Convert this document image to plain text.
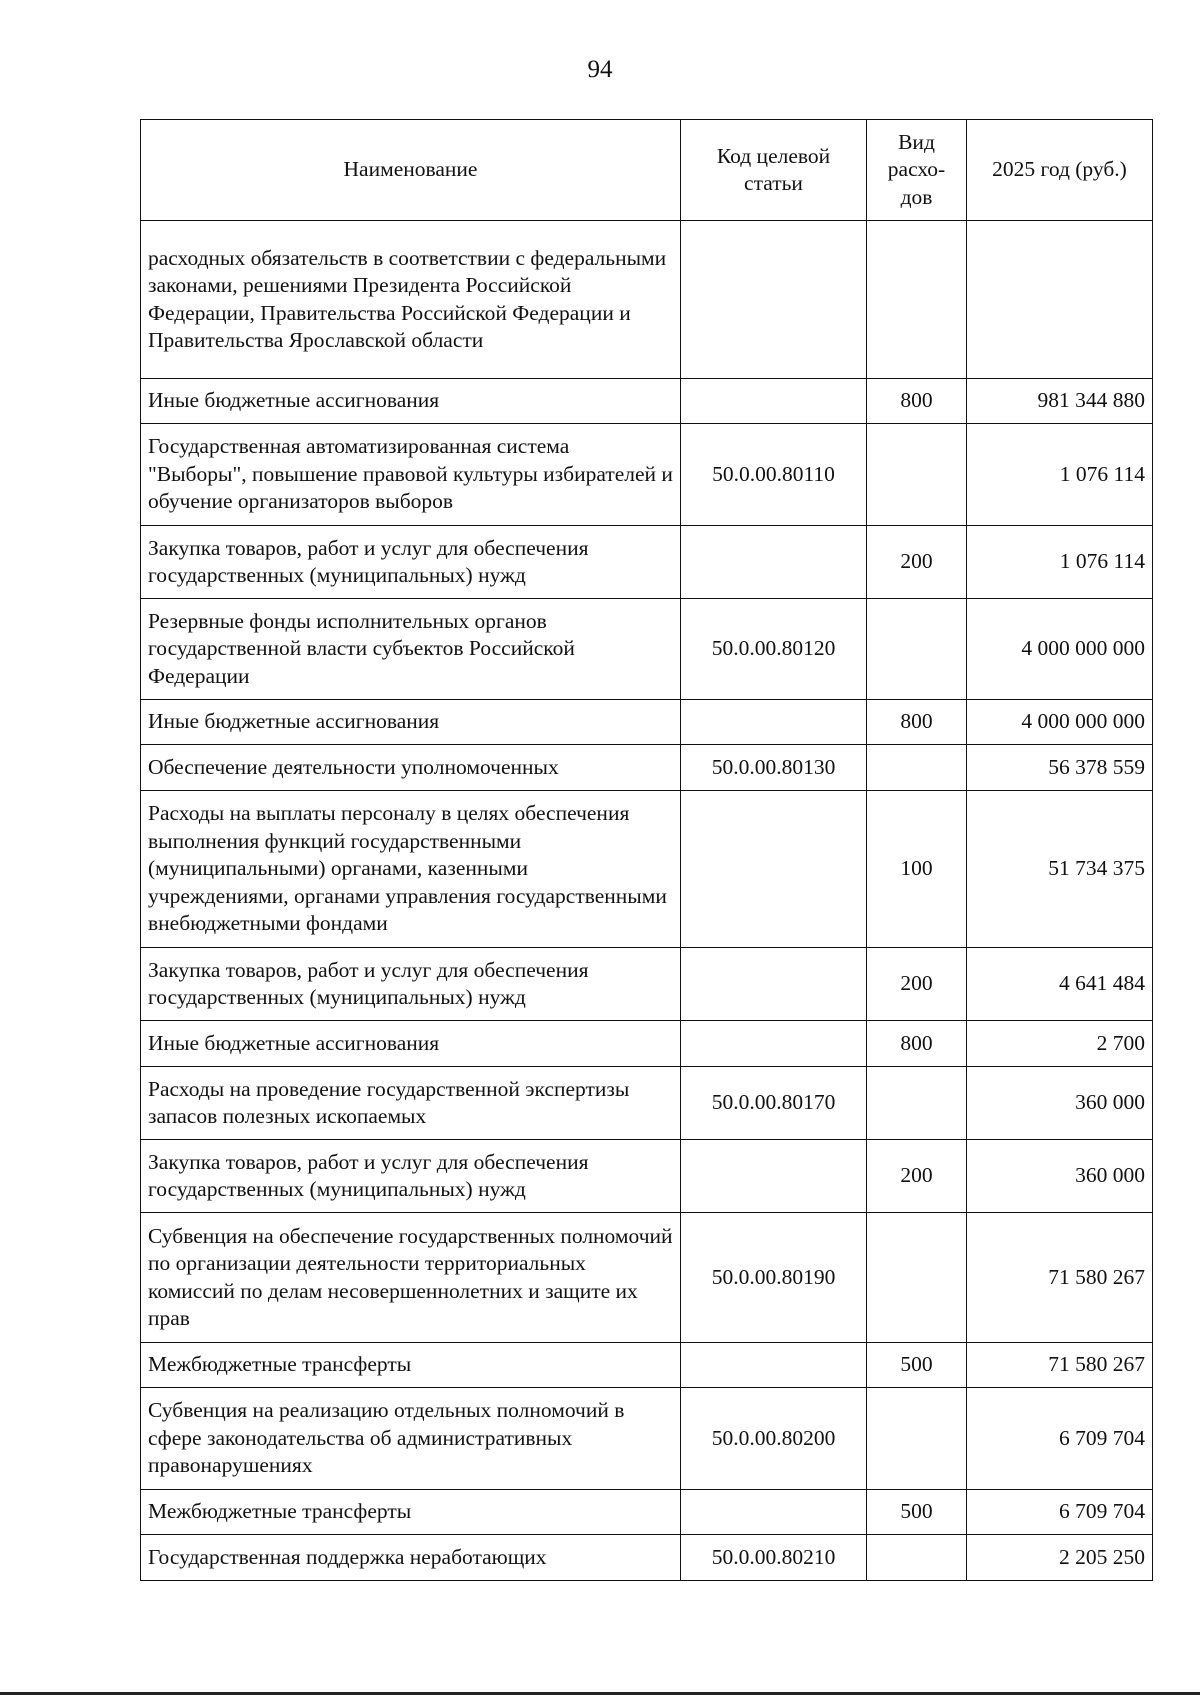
94
Наименование	Код целевой статьи	Вид расхо-дов	2025 год (руб.)
расходных обязательств в соответствии с федеральными законами, решениями Президента Российской Федерации, Правительства Российской Федерации и Правительства Ярославской области			
Иные бюджетные ассигнования		800	981 344 880
Государственная автоматизированная система "Выборы", повышение правовой культуры избирателей и обучение организаторов выборов	50.0.00.80110		1 076 114
Закупка товаров, работ и услуг для обеспечения государственных (муниципальных) нужд		200	1 076 114
Резервные фонды исполнительных органов государственной власти субъектов Российской Федерации	50.0.00.80120		4 000 000 000
Иные бюджетные ассигнования		800	4 000 000 000
Обеспечение деятельности уполномоченных	50.0.00.80130		56 378 559
Расходы на выплаты персоналу в целях обеспечения выполнения функций государственными (муниципальными) органами, казенными учреждениями, органами управления государственными внебюджетными фондами		100	51 734 375
Закупка товаров, работ и услуг для обеспечения государственных (муниципальных) нужд		200	4 641 484
Иные бюджетные ассигнования		800	2 700
Расходы на проведение государственной экспертизы запасов полезных ископаемых	50.0.00.80170		360 000
Закупка товаров, работ и услуг для обеспечения государственных (муниципальных) нужд		200	360 000
Субвенция на обеспечение государственных полномочий по организации деятельности территориальных комиссий по делам несовершеннолетних и защите их прав	50.0.00.80190		71 580 267
Межбюджетные трансферты		500	71 580 267
Субвенция на реализацию отдельных полномочий в сфере законодательства об административных правонарушениях	50.0.00.80200		6 709 704
Межбюджетные трансферты		500	6 709 704
Государственная поддержка неработающих	50.0.00.80210		2 205 250
